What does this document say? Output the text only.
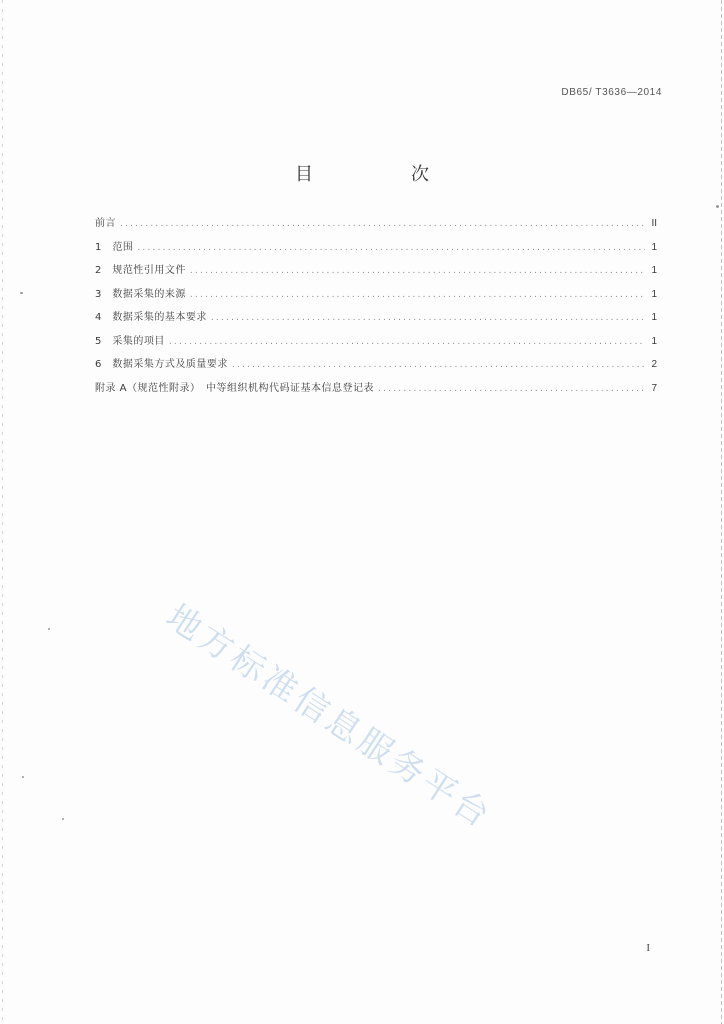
DB65/ T3636—2014
目　次
前言 .....	II
1　范围 .....	1
2　规范性引用文件 .....	1
3　数据采集的来源 .....	1
4　数据采集的基本要求 .....	1
5　采集的项目 .....	1
6　数据采集方式及质量要求 .....	2
附录 A（规范性附录）　中等组织机构代码证基本信息登记表 .....	7
地方标准信息服务平台
I
